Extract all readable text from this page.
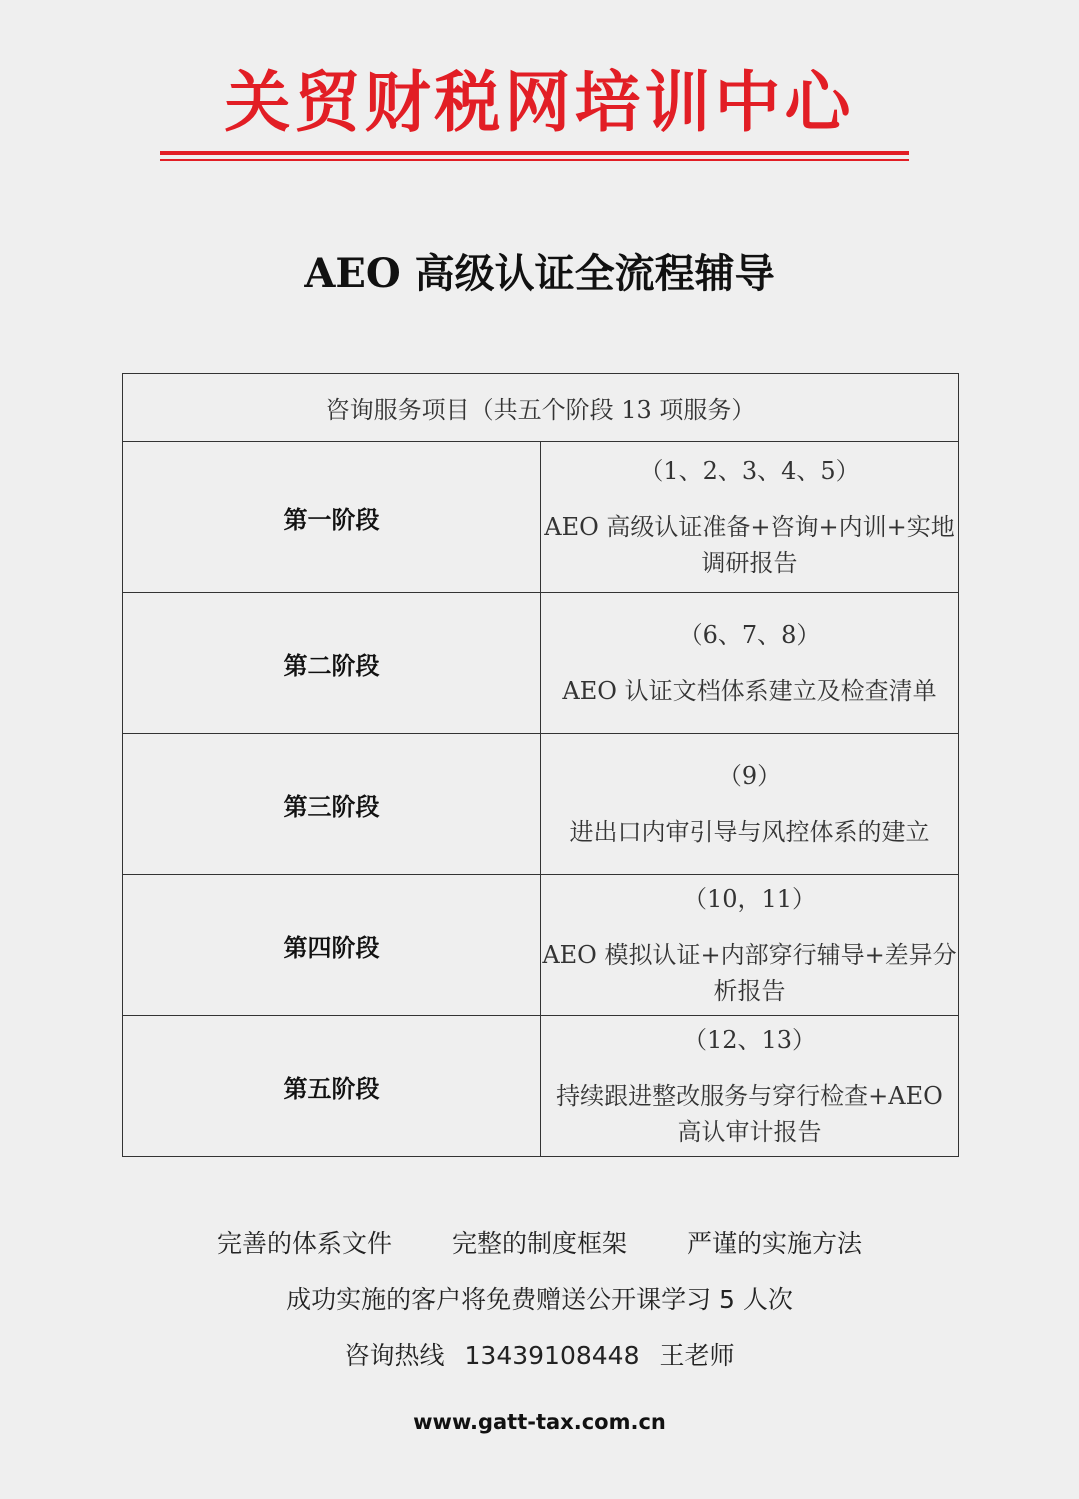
关贸财税网培训中心
AEO 高级认证全流程辅导
咨询服务项目（共五个阶段 13 项服务）	
第一阶段	（1、2、3、4、5）
AEO 高级认证准备+咨询+内训+实地调研报告

第二阶段	（6、7、8）
AEO 认证文档体系建立及检查清单

第三阶段	（9）
进出口内审引导与风控体系的建立

第四阶段	（10，11）
AEO 模拟认证+内部穿行辅导+差异分析报告

第五阶段	（12、13）
持续跟进整改服务与穿行检查+AEO 高认审计报告
完善的体系文件 完整的制度框架 严谨的实施方法
成功实施的客户将免费赠送公开课学习 5 人次
咨询热线 13439108448 王老师
www.gatt-tax.com.cn
